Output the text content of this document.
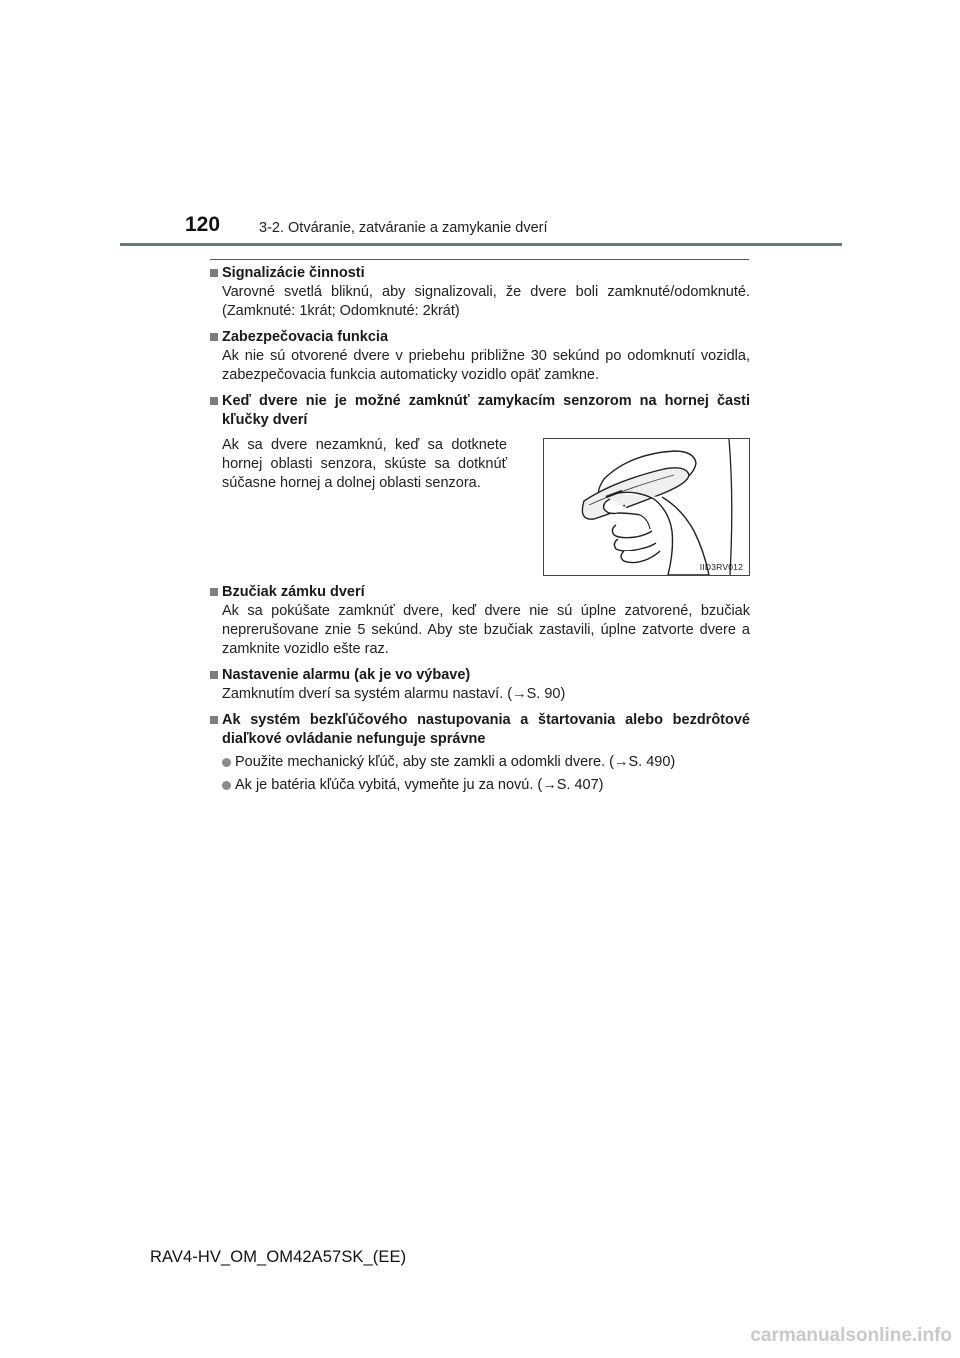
120	3-2. Otváranie, zatváranie a zamykanie dverí
Signalizácie činnosti
Varovné svetlá bliknú, aby signalizovali, že dvere boli zamknuté/odomknuté. (Zamknuté: 1krát; Odomknuté: 2krát)
Zabezpečovacia funkcia
Ak nie sú otvorené dvere v priebehu približne 30 sekúnd po odomknutí vozidla, zabezpečovacia funkcia automaticky vozidlo opäť zamkne.
Keď dvere nie je možné zamknúť zamykacím senzorom na hornej časti kľučky dverí
Ak sa dvere nezamknú, keď sa dotknete hornej oblasti senzora, skúste sa dotknúť súčasne hornej a dolnej oblasti senzora.
IID3RV012
Bzučiak zámku dverí
Ak sa pokúšate zamknúť dvere, keď dvere nie sú úplne zatvorené, bzučiak neprerušovane znie 5 sekúnd. Aby ste bzučiak zastavili, úplne zatvorte dvere a zamknite vozidlo ešte raz.
Nastavenie alarmu (ak je vo výbave)
Zamknutím dverí sa systém alarmu nastaví. (→S. 90)
Ak systém bezkľúčového nastupovania a štartovania alebo bezdrôtové diaľkové ovládanie nefunguje správne
Použite mechanický kľúč, aby ste zamkli a odomkli dvere. (→S. 490)
Ak je batéria kľúča vybitá, vymeňte ju za novú. (→S. 407)
RAV4-HV_OM_OM42A57SK_(EE)
carmanualsonline.info
